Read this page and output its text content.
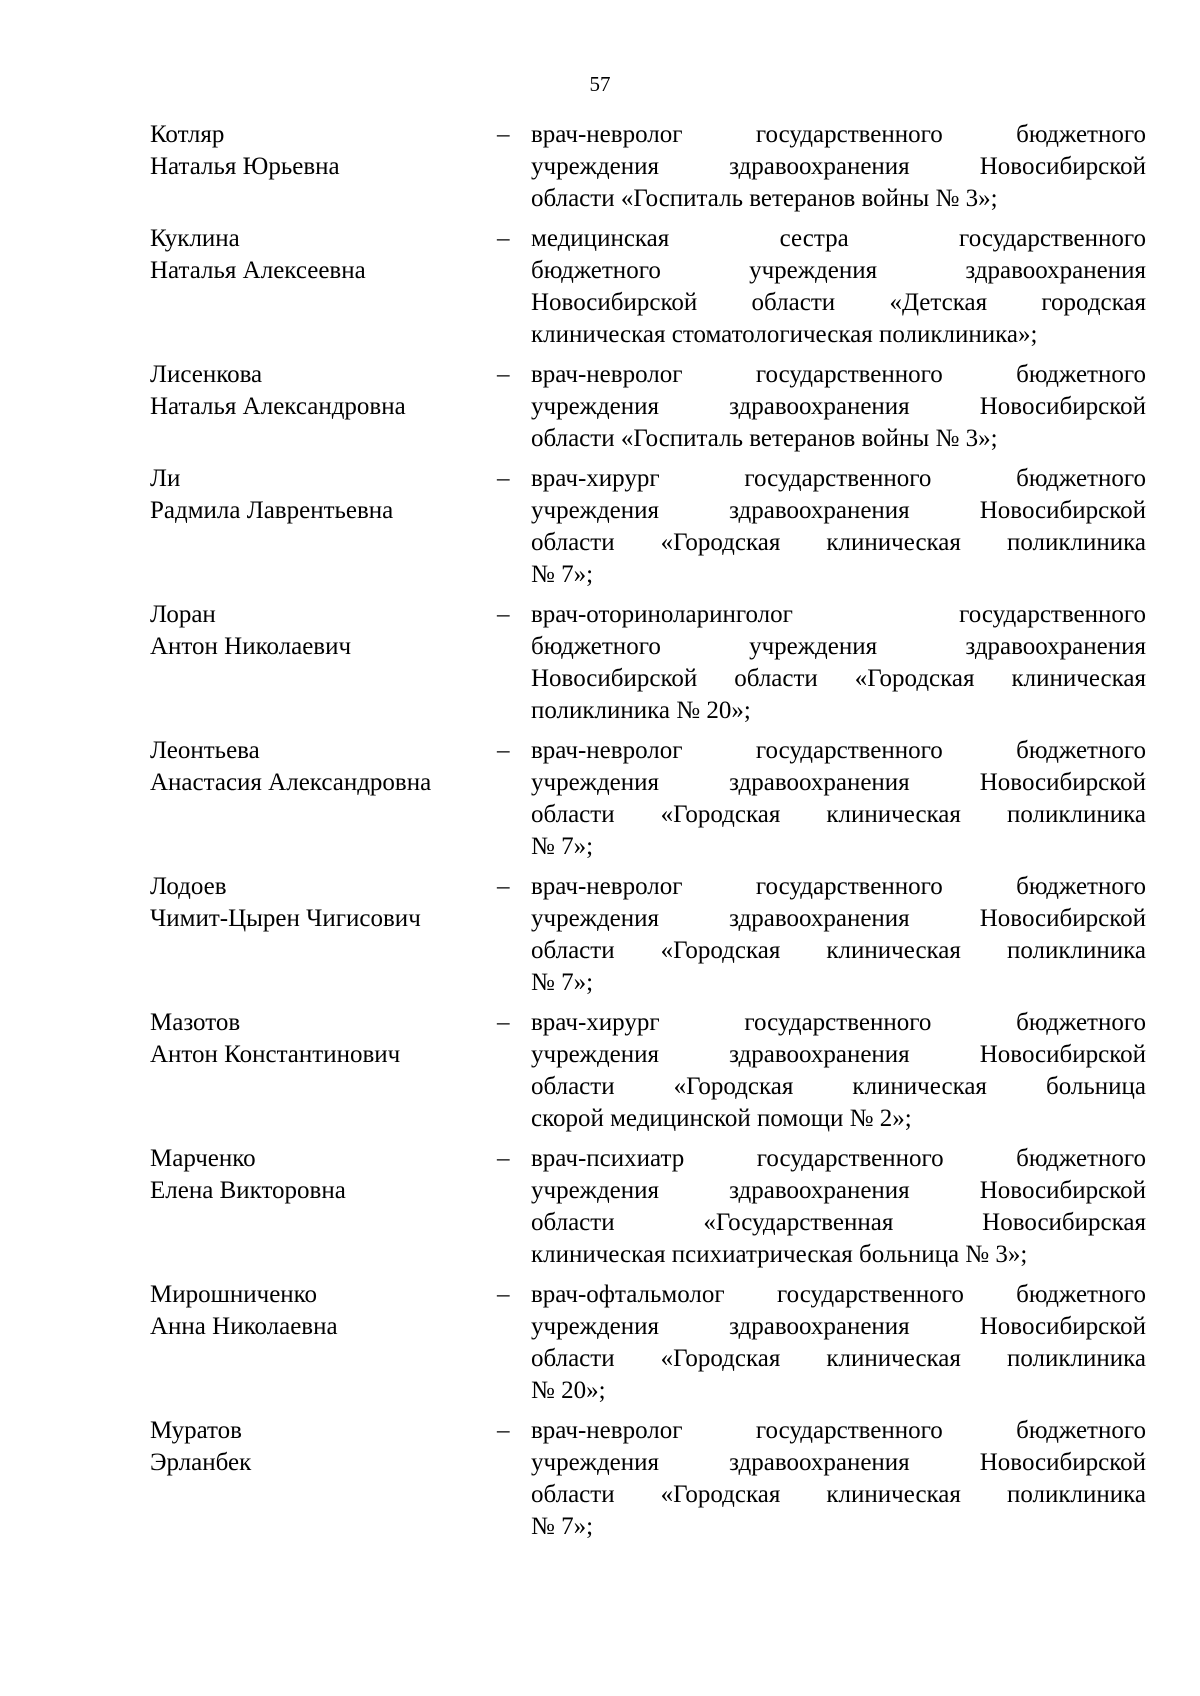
57
Котляр
Наталья Юрьевна
– врач-невролог государственного бюджетного
учреждения здравоохранения Новосибирской
области «Госпиталь ветеранов войны № 3»;
Куклина
Наталья Алексеевна
– медицинская сестра государственного
бюджетного учреждения здравоохранения
Новосибирской области «Детская городская
клиническая стоматологическая поликлиника»;
Лисенкова
Наталья Александровна
– врач-невролог государственного бюджетного
учреждения здравоохранения Новосибирской
области «Госпиталь ветеранов войны № 3»;
Ли
Радмила Лаврентьевна
– врач-хирург государственного бюджетного
учреждения здравоохранения Новосибирской
области «Городская клиническая поликлиника
№ 7»;
Лоран
Антон Николаевич
– врач-оториноларинголог государственного
бюджетного учреждения здравоохранения
Новосибирской области «Городская клиническая
поликлиника № 20»;
Леонтьева
Анастасия Александровна
– врач-невролог государственного бюджетного
учреждения здравоохранения Новосибирской
области «Городская клиническая поликлиника
№ 7»;
Лодоев
Чимит-Цырен Чигисович
– врач-невролог государственного бюджетного
учреждения здравоохранения Новосибирской
области «Городская клиническая поликлиника
№ 7»;
Мазотов
Антон Константинович
– врач-хирург государственного бюджетного
учреждения здравоохранения Новосибирской
области «Городская клиническая больница
скорой медицинской помощи № 2»;
Марченко
Елена Викторовна
– врач-психиатр государственного бюджетного
учреждения здравоохранения Новосибирской
области «Государственная Новосибирская
клиническая психиатрическая больница № 3»;
Мирошниченко
Анна Николаевна
– врач-офтальмолог государственного бюджетного
учреждения здравоохранения Новосибирской
области «Городская клиническая поликлиника
№ 20»;
Муратов
Эрланбек
– врач-невролог государственного бюджетного
учреждения здравоохранения Новосибирской
области «Городская клиническая поликлиника
№ 7»;
